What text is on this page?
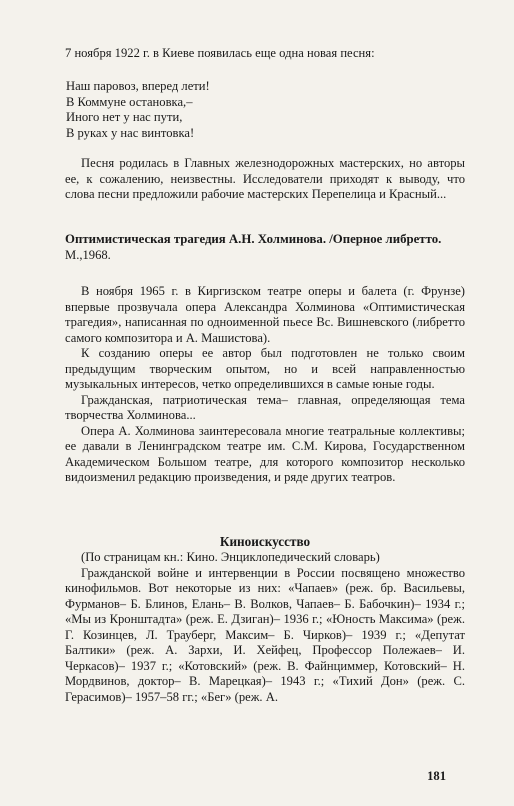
7 ноября 1922 г. в Киеве появилась еще одна новая песня:

Наш паровоз, вперед лети!
В Коммуне остановка,–
Иного нет у нас пути,
В руках у нас винтовка!

Песня родилась в Главных железнодорожных мастерских, но авторы ее, к сожалению, неизвестны. Исследователи приходят к выводу, что слова песни предложили рабочие мастерских Перепелица и Красный...

Оптимистическая трагедия А.Н. Холминова. /Оперное либретто.

М.,1968.

В ноября 1965 г. в Киргизском театре оперы и балета (г. Фрунзе) впервые прозвучала опера Александра Холминова «Оптимистическая трагедия», написанная по одноименной пьесе Вс. Вишневского (либретто самого композитора и А. Машистова).

К созданию оперы ее автор был подготовлен не только своим предыдущим творческим опытом, но и всей направленностью музыкальных интересов, четко определившихся в самые юные годы.

Гражданская, патриотическая тема– главная, определяющая тема творчества Холминова...

Опера А. Холминова заинтересовала многие театральные коллективы; ее давали в Ленинградском театре им. С.М. Кирова, Государственном Академическом Большом театре, для которого композитор несколько видоизменил редакцию произведения, и ряде других театров.

Киноискусство

(По страницам кн.: Кино. Энциклопедический словарь)

Гражданской войне и интервенции в России посвящено множество кинофильмов. Вот некоторые из них: «Чапаев» (реж. бр. Васильевы, Фурманов– Б. Блинов, Елань– В. Волков, Чапаев– Б. Бабочкин)– 1934 г.; «Мы из Кронштадта» (реж. Е. Дзиган)– 1936 г.; «Юность Максима» (реж. Г. Козинцев, Л. Трауберг, Максим– Б. Чирков)– 1939 г.; «Депутат Балтики» (реж. А. Зархи, И. Хейфец, Профессор Полежаев– И. Черкасов)– 1937 г.; «Котовский» (реж. В. Файнциммер, Котовский– Н. Мордвинов, доктор– В. Марецкая)– 1943 г.; «Тихий Дон» (реж. С. Герасимов)– 1957–58 гг.; «Бег» (реж. А.

181
